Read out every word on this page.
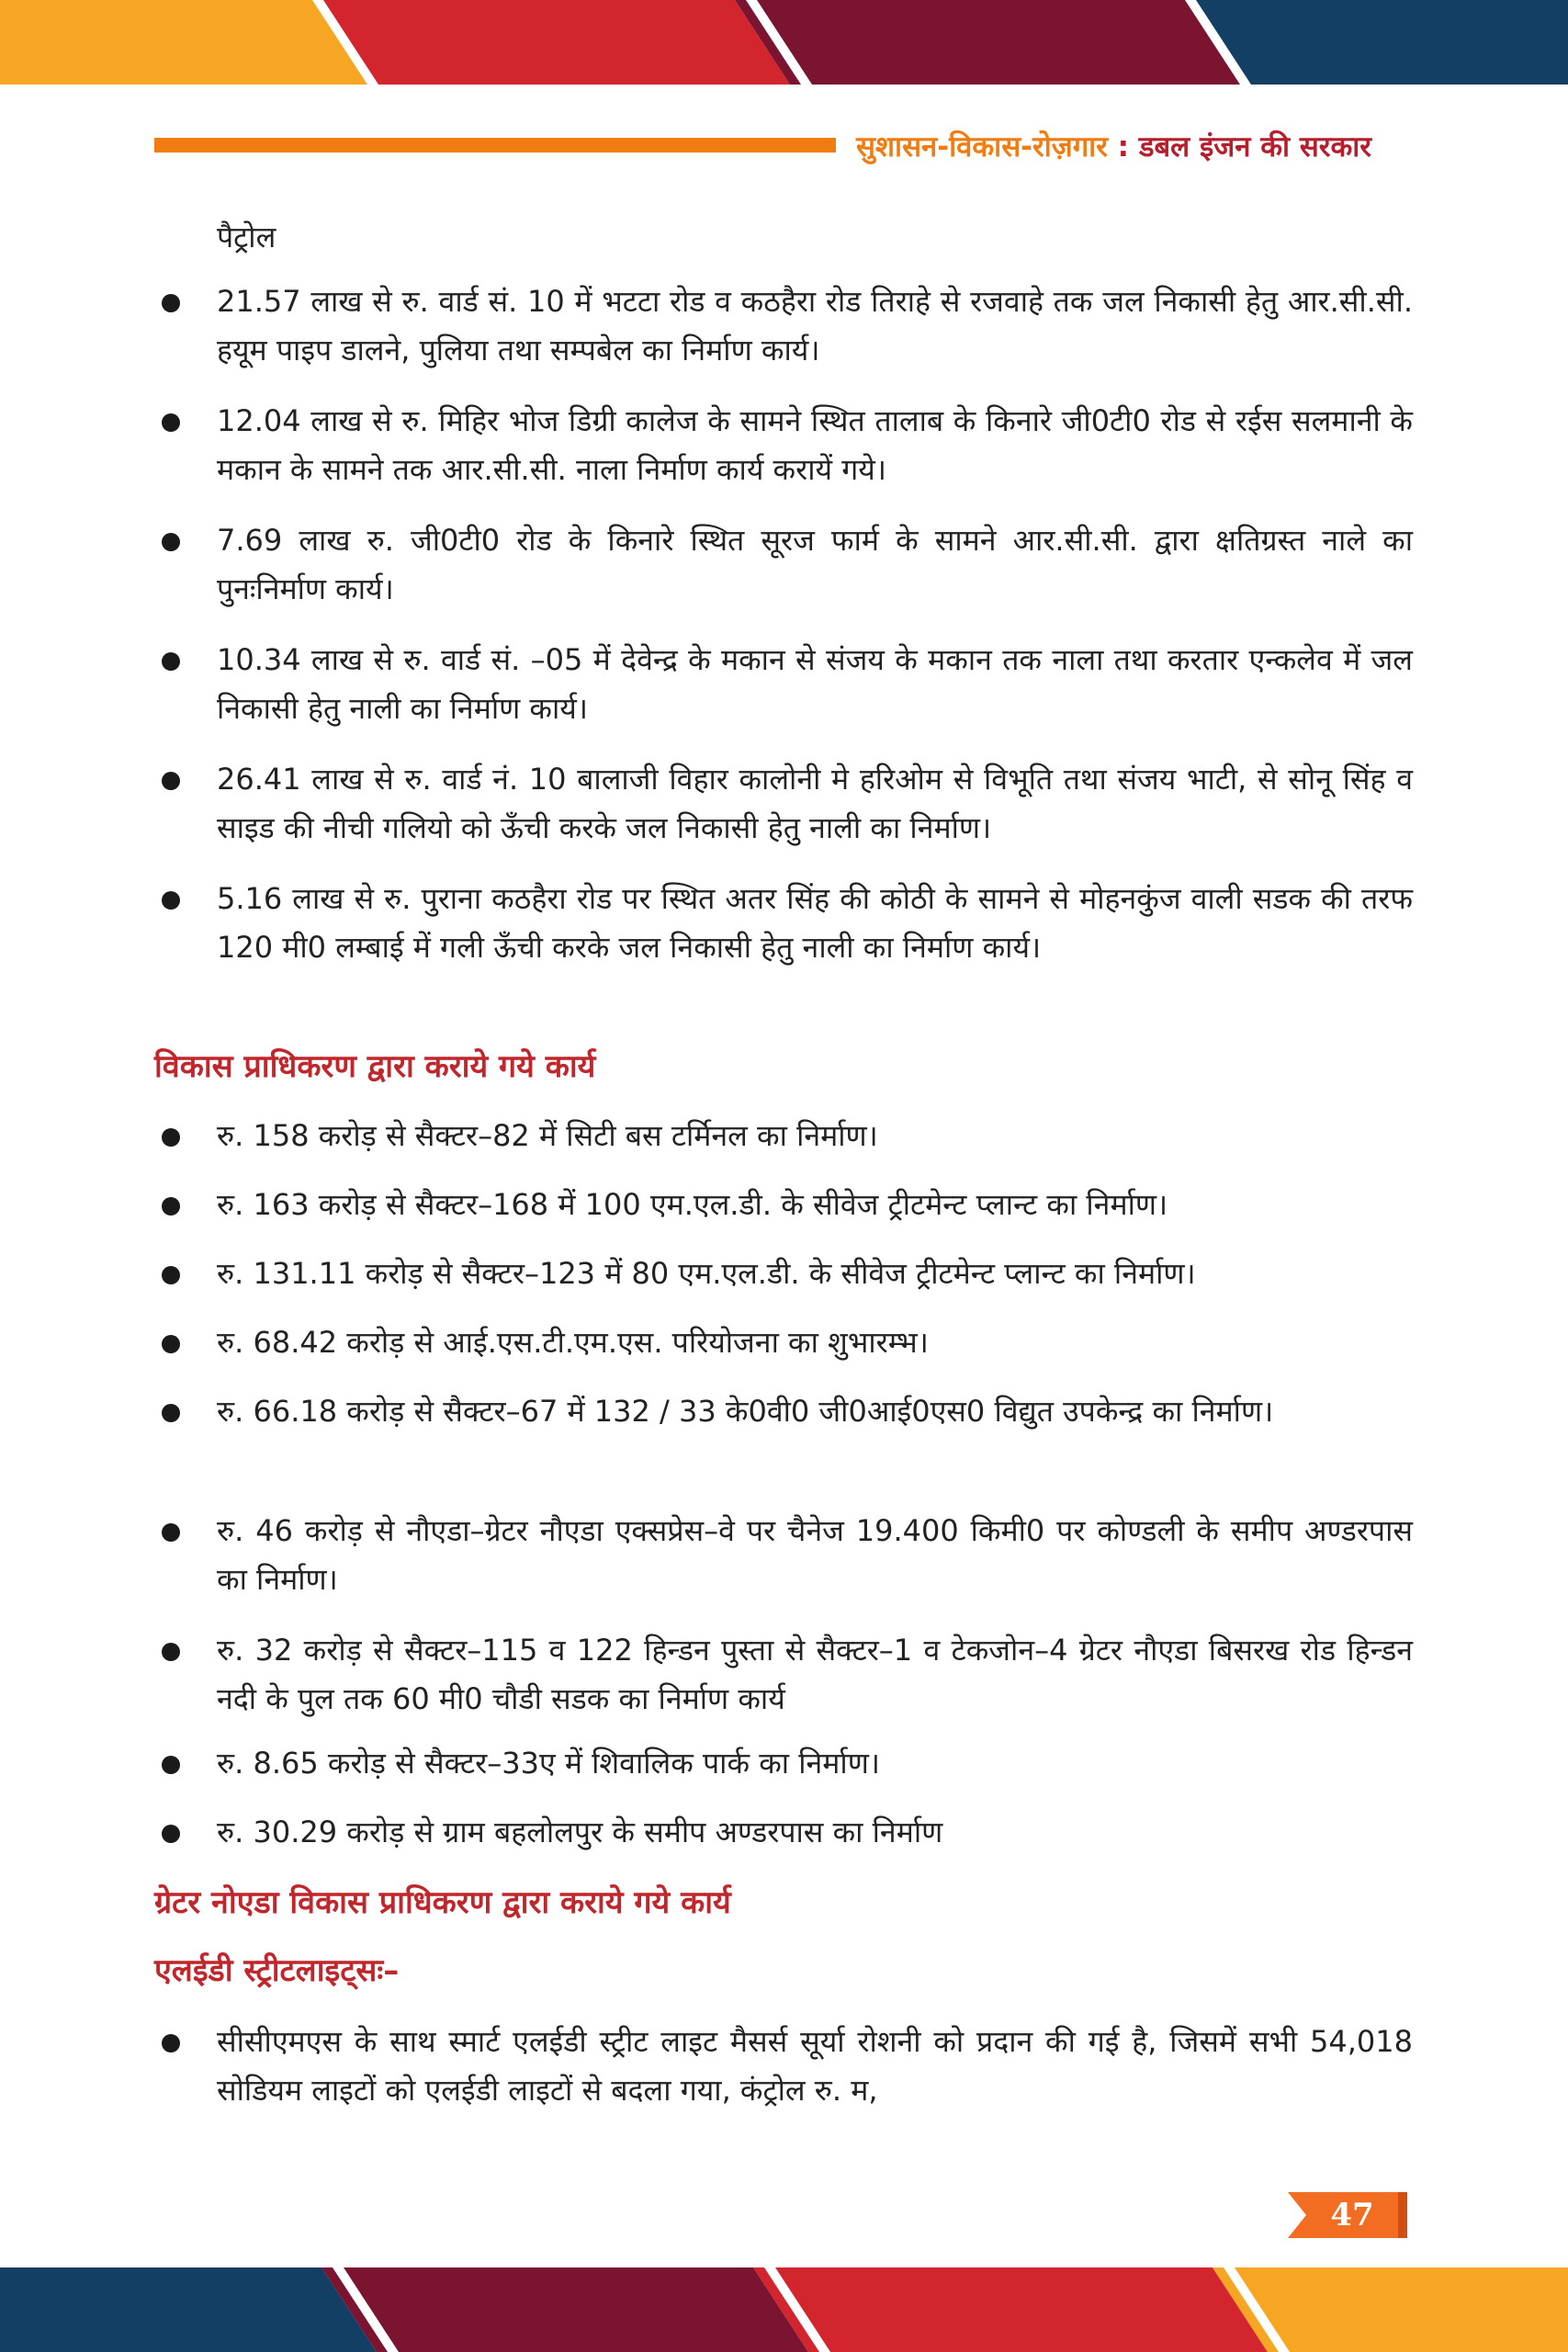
सुशासन-विकास-रोज़गार : डबल इंजन की सरकार
पैट्रोल
21.57 लाख से रु. वार्ड सं. 10 में भटटा रोड व कठहैरा रोड तिराहे से रजवाहे तक जल निकासी हेतु आर.सी.सी. हयूम पाइप डालने, पुलिया तथा सम्पबेल का निर्माण कार्य।
12.04 लाख से रु. मिहिर भोज डिग्री कालेज के सामने स्थित तालाब के किनारे जी0टी0 रोड से रईस सलमानी के मकान के सामने तक आर.सी.सी. नाला निर्माण कार्य करायें गये।
7.69 लाख रु. जी0टी0 रोड के किनारे स्थित सूरज फार्म के सामने आर.सी.सी. द्वारा क्षतिग्रस्त नाले का पुनःनिर्माण कार्य।
10.34 लाख से रु. वार्ड सं. –05 में देवेन्द्र के मकान से संजय के मकान तक नाला तथा करतार एन्कलेव में जल निकासी हेतु नाली का निर्माण कार्य।
26.41 लाख से रु. वार्ड नं. 10 बालाजी विहार कालोनी मे हरिओम से विभूति तथा संजय भाटी, से सोनू सिंह व साइड की नीची गलियो को ऊँची करके जल निकासी हेतु नाली का निर्माण।
5.16 लाख से रु. पुराना कठहैरा रोड पर स्थित अतर सिंह की कोठी के सामने से मोहनकुंज वाली सडक की तरफ 120 मी0 लम्बाई में गली ऊँची करके जल निकासी हेतु नाली का निर्माण कार्य।
विकास प्राधिकरण द्वारा कराये गये कार्य
रु. 158 करोड़ से सैक्टर–82 में सिटी बस टर्मिनल का निर्माण।
रु. 163 करोड़ से सैक्टर–168 में 100 एम.एल.डी. के सीवेज ट्रीटमेन्ट प्लान्ट का निर्माण।
रु. 131.11 करोड़ से सैक्टर–123 में 80 एम.एल.डी. के सीवेज ट्रीटमेन्ट प्लान्ट का निर्माण।
रु. 68.42 करोड़ से आई.एस.टी.एम.एस. परियोजना का शुभारम्भ।
रु. 66.18 करोड़ से सैक्टर–67 में 132 / 33 के0वी0 जी0आई0एस0 विद्युत उपकेन्द्र का निर्माण।
रु. 46 करोड़ से नौएडा–ग्रेटर नौएडा एक्सप्रेस–वे पर चैनेज 19.400 किमी0 पर कोण्डली के समीप अण्डरपास का निर्माण।
रु. 32 करोड़ से सैक्टर–115 व 122 हिन्डन पुस्ता से सैक्टर–1 व टेकजोन–4 ग्रेटर नौएडा बिसरख रोड हिन्डन नदी के पुल तक 60 मी0 चौडी सडक का निर्माण कार्य
रु. 8.65 करोड़ से सैक्टर–33ए में शिवालिक पार्क का निर्माण।
रु. 30.29 करोड़ से ग्राम बहलोलपुर के समीप अण्डरपास का निर्माण
ग्रेटर नोएडा विकास प्राधिकरण द्वारा कराये गये कार्य
एलईडी स्ट्रीटलाइट्सः–
सीसीएमएस के साथ स्मार्ट एलईडी स्ट्रीट लाइट मैसर्स सूर्या रोशनी को प्रदान की गई है, जिसमें सभी 54,018 सोडियम लाइटों को एलईडी लाइटों से बदला गया, कंट्रोल रु. म,
47
